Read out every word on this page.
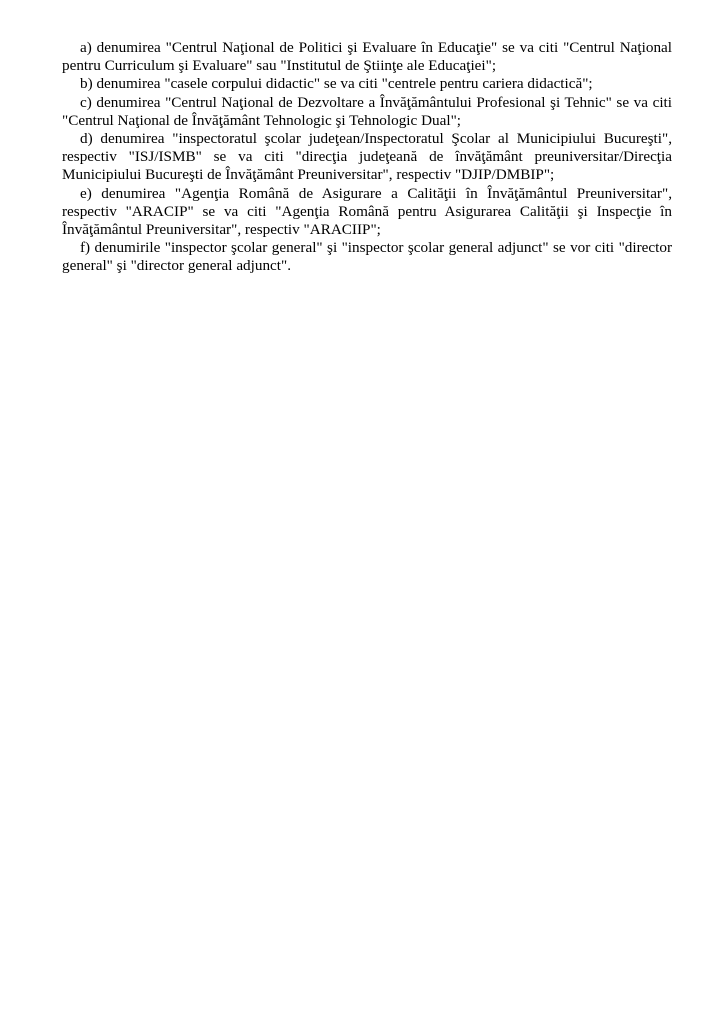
a) denumirea "Centrul Naţional de Politici şi Evaluare în Educaţie" se va citi "Centrul Naţional pentru Curriculum şi Evaluare" sau "Institutul de Ştiinţe ale Educaţiei";

b) denumirea "casele corpului didactic" se va citi "centrele pentru cariera didactică";

c) denumirea "Centrul Naţional de Dezvoltare a Învăţământului Profesional şi Tehnic" se va citi "Centrul Naţional de Învăţământ Tehnologic şi Tehnologic Dual";

d) denumirea "inspectoratul şcolar judeţean/Inspectoratul Şcolar al Municipiului Bucureşti", respectiv "ISJ/ISMB" se va citi "direcţia judeţeană de învăţământ preuniversitar/Direcţia Municipiului Bucureşti de Învăţământ Preuniversitar", respectiv "DJIP/DMBIP";

e) denumirea "Agenţia Română de Asigurare a Calităţii în Învăţământul Preuniversitar", respectiv "ARACIP" se va citi "Agenţia Română pentru Asigurarea Calităţii şi Inspecţie în Învăţământul Preuniversitar", respectiv "ARACIIP";

f) denumirile "inspector şcolar general" şi "inspector şcolar general adjunct" se vor citi "director general" şi "director general adjunct".
